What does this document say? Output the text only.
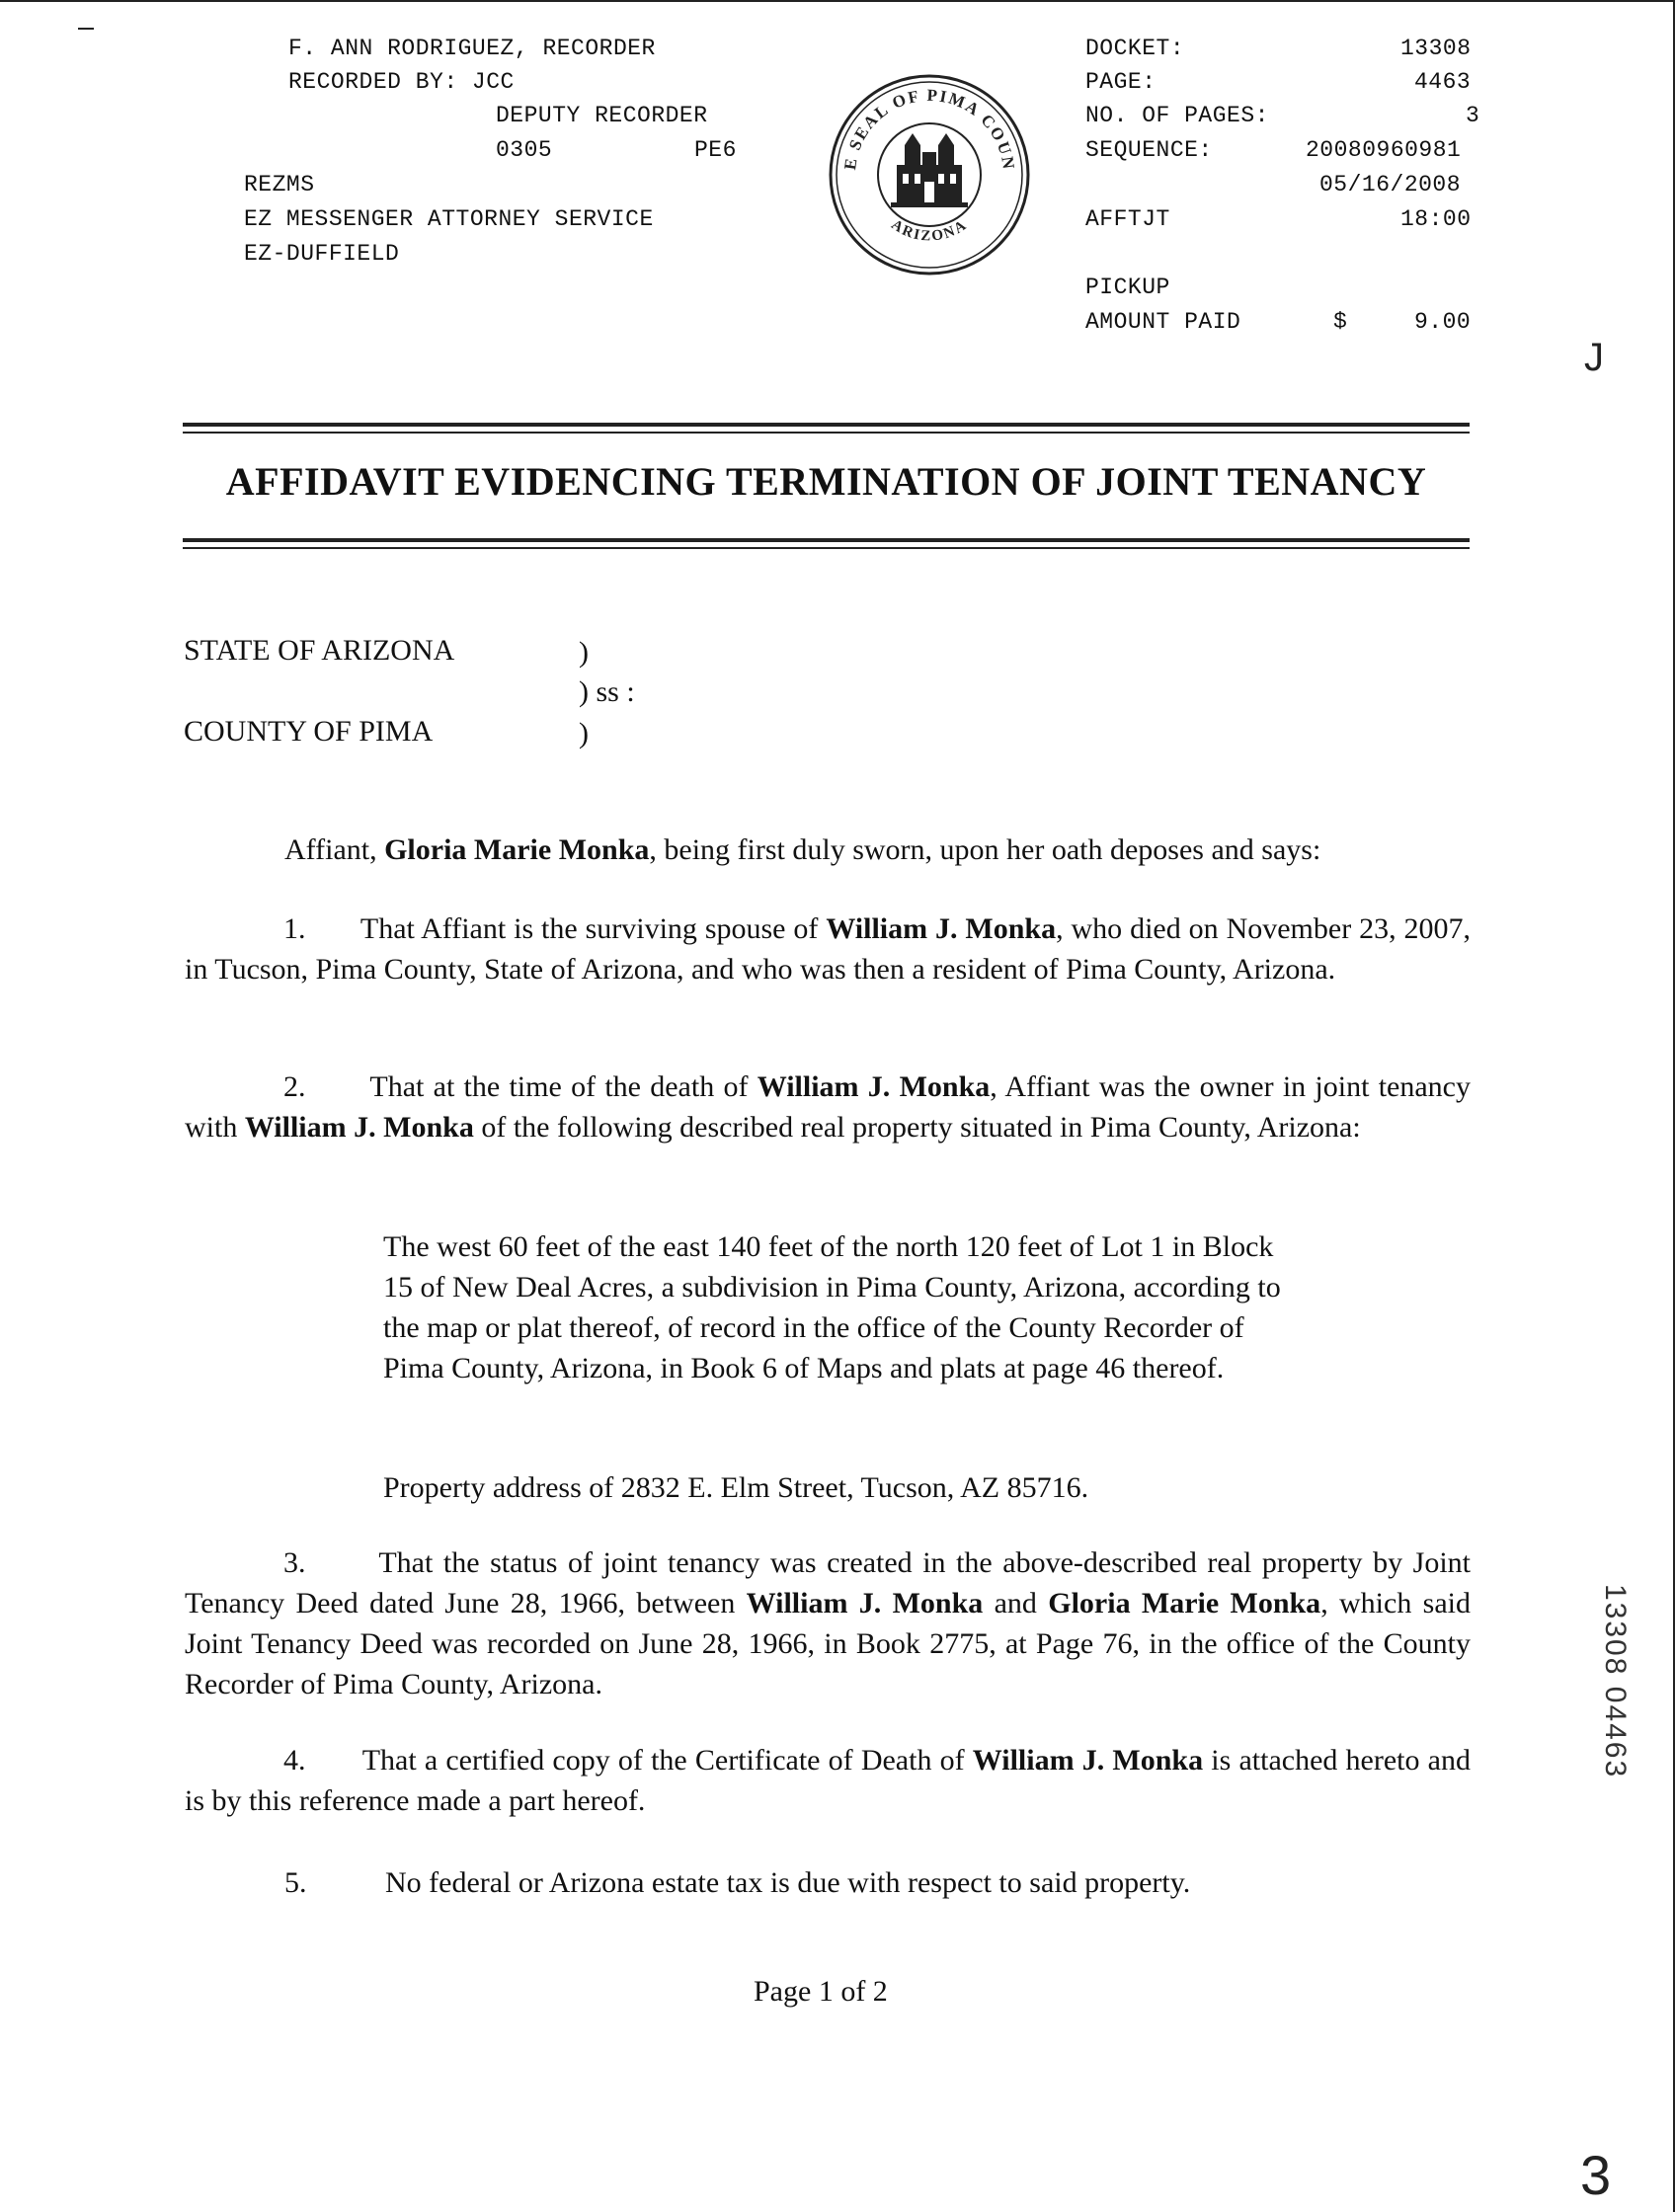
F. ANN RODRIGUEZ, RECORDER
RECORDED BY: JCC
DEPUTY RECORDER
0305	PE6
REZMS
EZ MESSENGER ATTORNEY SERVICE
EZ-DUFFIELD
E SEAL OF PIMA COUN
ARIZONA
DOCKET:	13308
PAGE:	4463
NO. OF PAGES:	3
SEQUENCE:	20080960981
05/16/2008
AFFTJT	18:00
PICKUP
AMOUNT PAID	$	9.00
J
AFFIDAVIT EVIDENCING TERMINATION OF JOINT TENANCY
STATE OF ARIZONA	)
) ss :
COUNTY OF PIMA	)
Affiant, Gloria Marie Monka, being first duly sworn, upon her oath deposes and says:
1. That Affiant is the surviving spouse of William J. Monka, who died on November 23, 2007, in Tucson, Pima County, State of Arizona, and who was then a resident of Pima County, Arizona.
2. That at the time of the death of William J. Monka, Affiant was the owner in joint tenancy with William J. Monka of the following described real property situated in Pima County, Arizona:
The west 60 feet of the east 140 feet of the north 120 feet of Lot 1 in Block 15 of New Deal Acres, a subdivision in Pima County, Arizona, according to the map or plat thereof, of record in the office of the County Recorder of Pima County, Arizona, in Book 6 of Maps and plats at page 46 thereof.
Property address of 2832 E. Elm Street, Tucson, AZ 85716.
3. That the status of joint tenancy was created in the above-described real property by Joint Tenancy Deed dated June 28, 1966, between William J. Monka and Gloria Marie Monka, which said Joint Tenancy Deed was recorded on June 28, 1966, in Book 2775, at Page 76, in the office of the County Recorder of Pima County, Arizona.
4. That a certified copy of the Certificate of Death of William J. Monka is attached hereto and is by this reference made a part hereof.
5.	No federal or Arizona estate tax is due with respect to said property.
Page 1 of 2
13308 04463
3
